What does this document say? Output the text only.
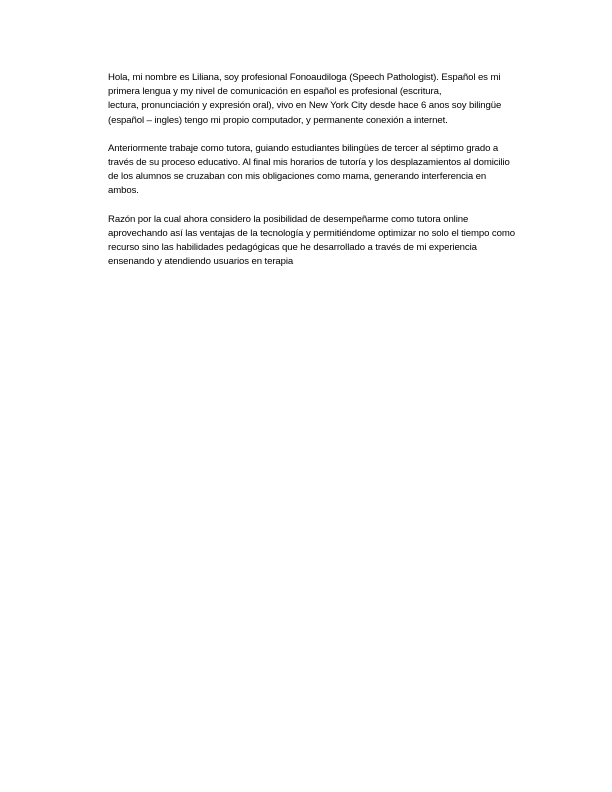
Hola, mi nombre es Liliana, soy profesional Fonoaudiloga (Speech Pathologist). Español es mi
primera lengua y my nivel de comunicación en español es profesional (escritura,
lectura, pronunciación y expresión oral), vivo en New York City desde hace 6 anos soy bilingüe
(español – ingles) tengo mi propio computador, y permanente conexión a internet.

Anteriormente trabaje como tutora, guiando estudiantes bilingües de tercer al séptimo grado a
través de su proceso educativo. Al final mis horarios de tutoría y los desplazamientos al domicilio
de los alumnos se cruzaban con mis obligaciones como mama, generando interferencia en
ambos.

Razón por la cual ahora considero la posibilidad de desempeñarme como tutora online
aprovechando así las ventajas de la tecnología y permitiéndome optimizar no solo el tiempo como
recurso sino las habilidades pedagógicas que he desarrollado a través de mi experiencia
ensenando y atendiendo usuarios en terapia
